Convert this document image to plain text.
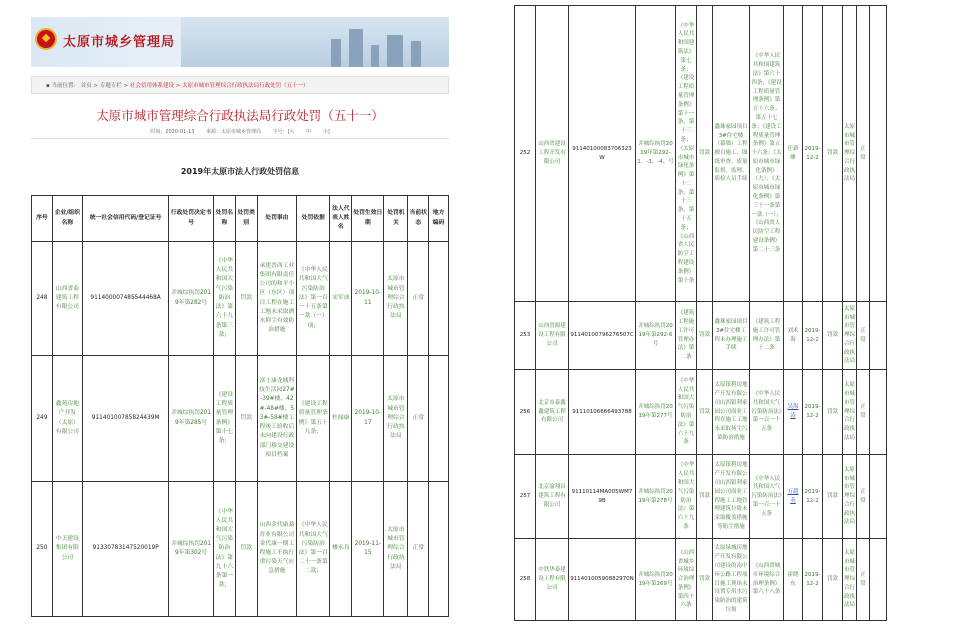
太原市城乡管理局
▪ 当前位置： 首页 > 专题专栏 > 社会信用体系建设 > 太原市城市管理综合行政执法局行政处罚（五十一）
太原市城市管理综合行政执法局行政处罚（五十一）
时间：2020-01-13 来源：太原市城乡管理局 字号：[大 中 小]
2019年太原市法人行政处罚信息
序号	企业/组织名称	统一社会信用代码/登记证号	行政处罚决定书号	处罚名称	处罚类别	处罚事由	处罚依据	法人代表人姓名	处罚生效日期	处罚机关	当前状态	地方编码
248	山西省泰建筑工程有限公司	911400007485544468A	并城综执罚2019年第282号	《中华人民共和国大气污染防治法》第六十九条第三款；	罚款	承建晋西工业集团有限责任公司的和平小区（东区）项目工程在施工工地未采取洒水抑尘有效防治措施	《中华人民共和国大气污染防治法》第一百一十五条第一款（一）项；	宋军成	2019-10-11	太原市城市管理综合行政执法局	正常	
249	鑫苑房地产开发（太原）有限公司	91140100785824439M	并城综执罚2019年第285号	《建设工程质量管理条例》第十七条；	罚款	富士康龙城科技生活园27#-39#楼、42#-48#楼、53#-58#楼工程竣工验收后未向建设行政部门移交建设项目档案	《建设工程质量管理条例》第五十九条；	杜闻康	2019-10-17	太原市城市管理综合行政执法局	正常	
250	中天建设集团有限公司	91330783147520019P	并城综执罚2019年第302号	《中华人民共和国大气污染防治法》第九十六条第一款；	罚款	山西金代康桑晋业有限公司金代康一期工程施工不执行重污染天气应急措施	《中华人民共和国大气污染防治法》第一百二十一条第二款；	楼永良	2019-11-15	太原市城市管理综合行政执法局	正常	
252	山西省建设工程开发有限公司	91140100083706323W	并城综执罚2019年第292-1、-3、-4、号	《中华人民共和国建筑法》第七条；《建设工程质量管理条例》第十一条、第十三条；《太原市城市绿化条例》第十二条、第十三条、第十五条；《山西省人民防空工程建设条例》第十条	罚款	鑫珠家园项目3#住宅楼（幕墙）工程擅自施工、图纸审查、质量监督、监理、质检人员手续	《中华人民共和国建筑法》第六十四条；《建设工程质量管理条例》第五十六条；第五十七条；《建设工程质量管理条例》第五十六条；《太原市城市绿化条例》（九）；《太原市城市绿化条例》第三十一条第一款（一）；《山西省人民防空工程建设条例》第二十三条	任新峰	2019-12-2	罚款	太原市城市管理综合行政执法局	正常	
253	山西晋源建设工程有限公司	91140100796276507C	并城综执罚2019年第292-6号	《建筑工程施工许可管理办法》第二条	罚款	鑫珠家园项目3#住宅楼工程未办理施工手续	《建筑工程施工许可管理办法》第十二条	刘术海	2019-12-2	罚款	太原市城市管理综合行政执法局	正常	
256	北京市泰鑫鑫建筑工程有限公司	91110106666493788	并城综执罚2019年第277号	《中华人民共和国大气污染防治法》第六十九条	罚款	太原银利房地产开发有限公司山西银利家园公司商业工程在施工工地未采取扬尘污染防治措施	《中华人民共和国大气污染防治法》第一百一十五条	吴海涛	2019-12-2	罚款	太原市城市管理综合行政执法局	正常	
257	北京渝翔昌建筑工程有限公司	91110114MA005WM79B	并城综执罚2019年第278号	《中华人民共和国大气污染防治法》第六十九条	罚款	太原银利房地产开发有限公司山西银利家园公司商业工程施工工地管理建筑垃圾未采取覆盖措施等防尘措施	《中华人民共和国大气污染防治法》第一百一十五条	万超英	2019-12-2	罚款	太原市城市管理综合行政执法局	正常	
258	中铁华泰建设工程有限公司	91140100590882970N	并城综执罚2019年第269号	《山西省城乡环境综合治理条例》第四十六条	罚款	太原绿城房地产开发有限公司建设的南中环公路工程项目施工现场未设置专用水污染防治的建筑垃圾	《山西省城乡环境综合治理条例》第六十八条	霍晓东	2019-12-2	罚款	太原市城市管理综合行政执法局	正常	
